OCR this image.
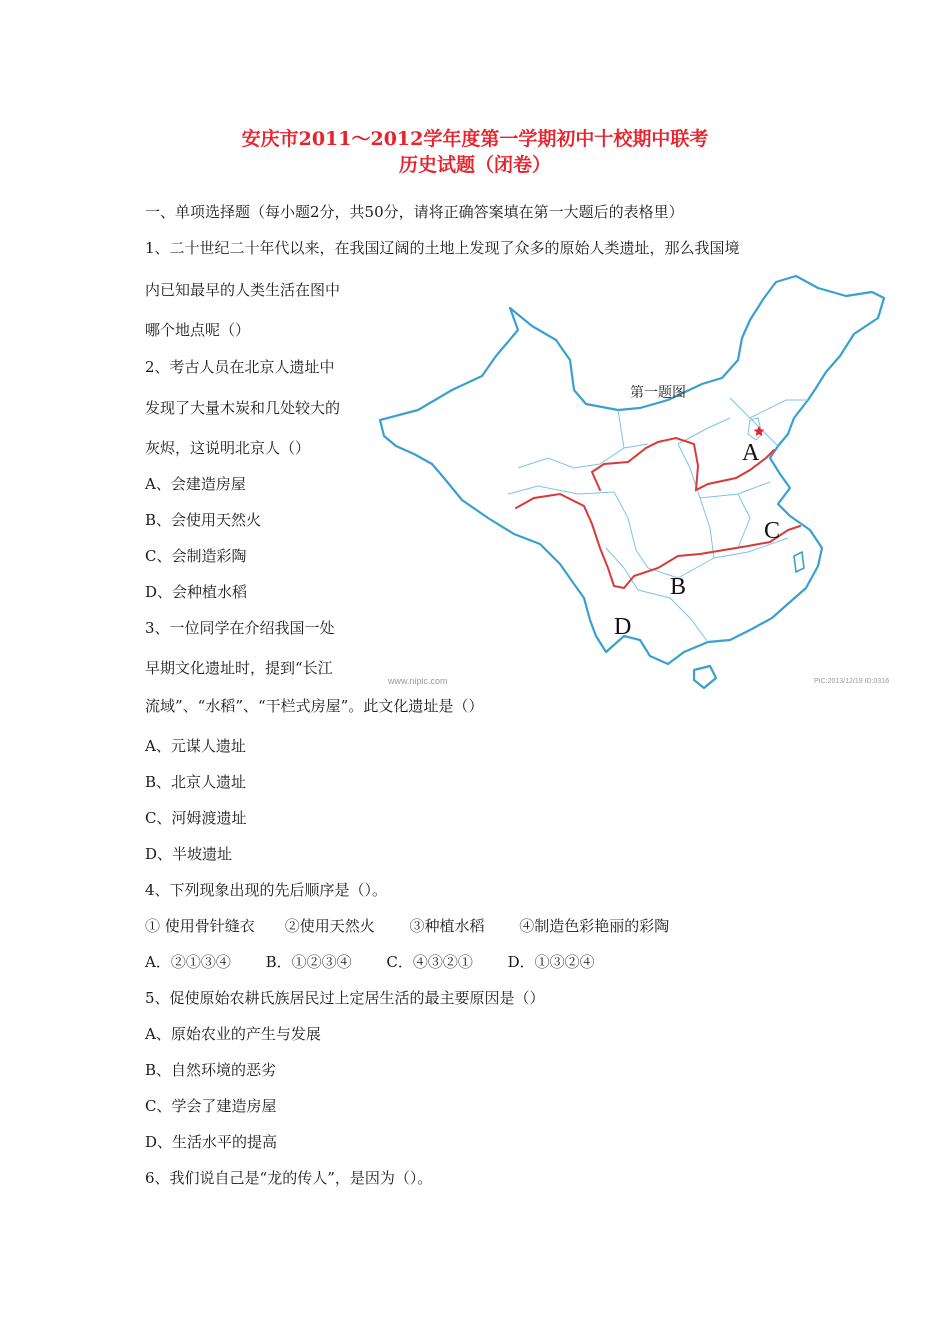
安庆市2011～2012学年度第一学期初中十校期中联考
历史试题（闭卷）
一、单项选择题（每小题2分，共50分，请将正确答案填在第一大题后的表格里）
1、二十世纪二十年代以来，在我国辽阔的土地上发现了众多的原始人类遗址，那么我国境
内已知最早的人类生活在图中
哪个地点呢（）
2、考古人员在北京人遗址中
发现了大量木炭和几处较大的
灰烬，这说明北京人（）
A、会建造房屋
B、会使用天然火
C、会制造彩陶
D、会种植水稻
3、一位同学在介绍我国一处
早期文化遗址时，提到“长江
流域”、“水稻”、“干栏式房屋”。此文化遗址是（）
A、元谋人遗址
B、北京人遗址
C、河姆渡遗址
D、半坡遗址
4、下列现象出现的先后顺序是（）。
① 使用骨针缝衣　　②使用天然火　　 ③种植水稻　　 ④制造色彩艳丽的彩陶
A．②①③④　　 B．①②③④　　 C．④③②①　　 D．①③②④
5、促使原始农耕氏族居民过上定居生活的最主要原因是（）
A、原始农业的产生与发展
B、自然环境的恶劣
C、学会了建造房屋
D、生活水平的提高
6、我们说自己是“龙的传人”，是因为（）。
第一题图
A
B
C
D
www.nipic.com	PIC:2013/12/19 ID:0316
